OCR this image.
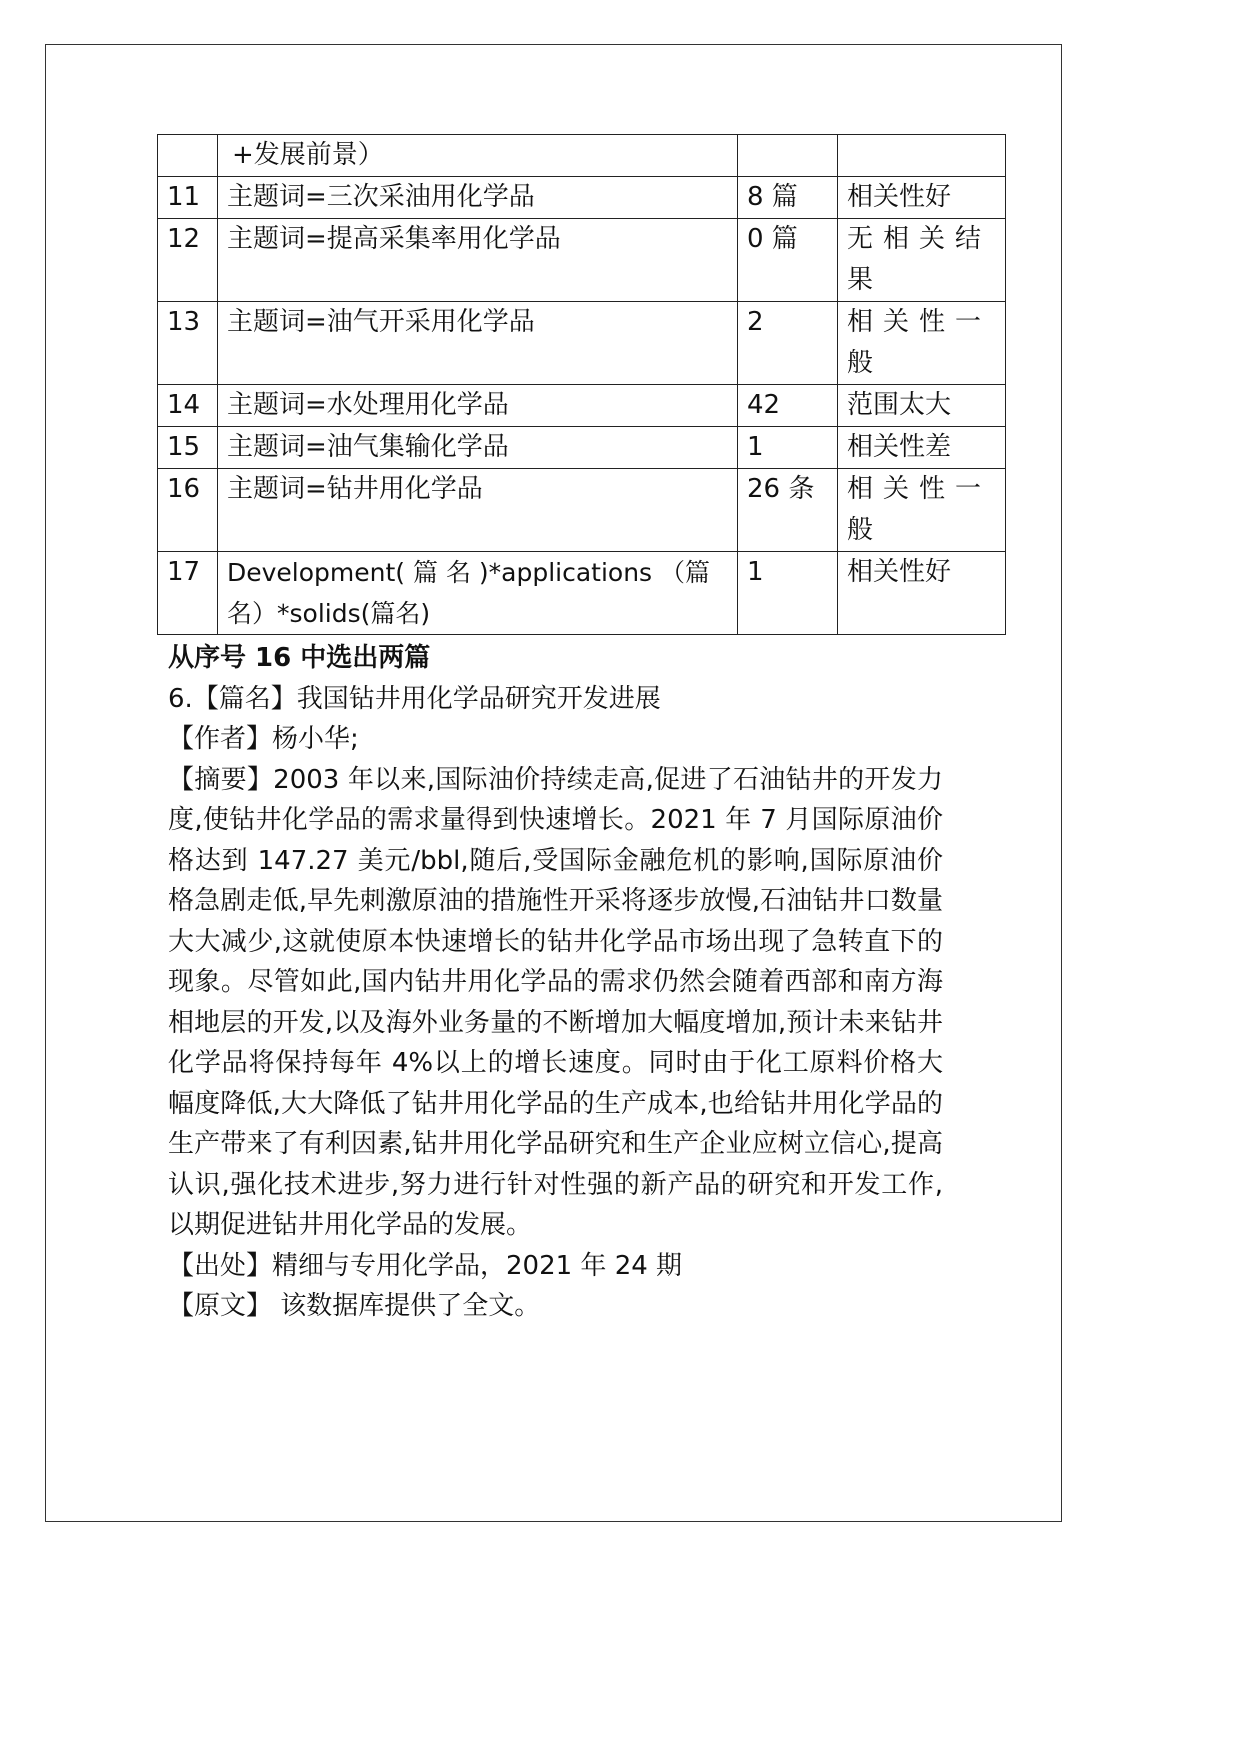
	+发展前景）		
11	主题词=三次采油用化学品	8 篇	相关性好
12	主题词=提高采集率用化学品	0 篇	无相关结果
13	主题词=油气开采用化学品	2	相关性一般
14	主题词=水处理用化学品	42	范围太大
15	主题词=油气集输化学品	1	相关性差
16	主题词=钻井用化学品	26 条	相关性一般
17	Development( 篇 名 )*applications （篇名）*solids(篇名)	1	相关性好

从序号 16 中选出两篇

6.【篇名】我国钻井用化学品研究开发进展

【作者】杨小华;

【摘要】2003 年以来,国际油价持续走高,促进了石油钻井的开发力度,使钻井化学品的需求量得到快速增长。2021 年 7 月国际原油价格达到 147.27 美元/bbl,随后,受国际金融危机的影响,国际原油价格急剧走低,早先刺激原油的措施性开采将逐步放慢,石油钻井口数量大大减少,这就使原本快速增长的钻井化学品市场出现了急转直下的现象。尽管如此,国内钻井用化学品的需求仍然会随着西部和南方海相地层的开发,以及海外业务量的不断增加大幅度增加,预计未来钻井化学品将保持每年 4%以上的增长速度。同时由于化工原料价格大幅度降低,大大降低了钻井用化学品的生产成本,也给钻井用化学品的生产带来了有利因素,钻井用化学品研究和生产企业应树立信心,提高认识,强化技术进步,努力进行针对性强的新产品的研究和开发工作,以期促进钻井用化学品的发展。

【出处】精细与专用化学品，2021 年 24 期

【原文】 该数据库提供了全文。
